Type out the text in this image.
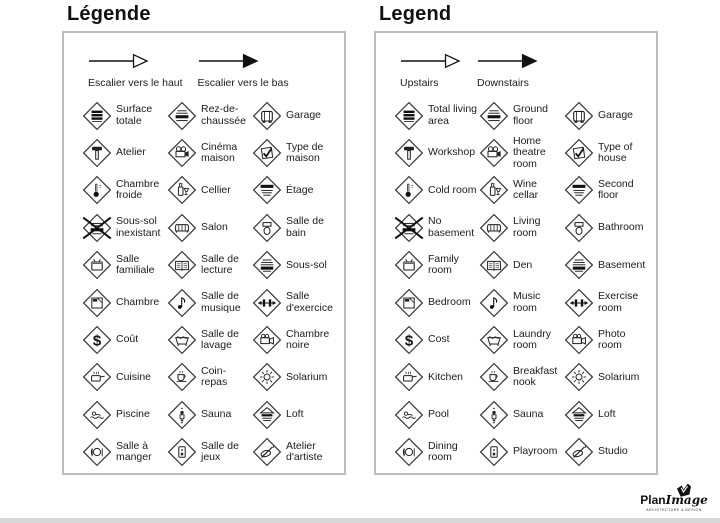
Légende
Escalier vers le haut Escalier vers le bas
Surface totale
Rez-de-chaussée	Garage
Atelier	Cinéma maison
Type de maison
Chambre froide	Cellier	Étage
Sous-sol inexistant	Salon	Salle de bain
Salle familiale
Salle de lecture	Sous-sol
Chambre	Salle de musique
Salle d'exercice
$	Coût	Salle de lavage
Chambre noire
Cuisine	Coin-repas	Solarium
Piscine	Sauna	Loft
Salle à manger
Salle de jeux
Atelier d'artiste
Legend
Upstairs	Downstairs
Total living area
Ground floor	Garage
Workshop
Home theatre room
Type of house
Cold room	Wine cellar
Second floor
No basement
Living room	Bathroom
Family room	Den	Basement
Bedroom	Music room
Exercise room
$	Cost	Laundry room
Photo room
Kitchen	Breakfast nook	Solarium
Pool	Sauna	Loft
Dining room	Playroom	Studio
PlanImage
ARCHITECTURE & DESIGN
